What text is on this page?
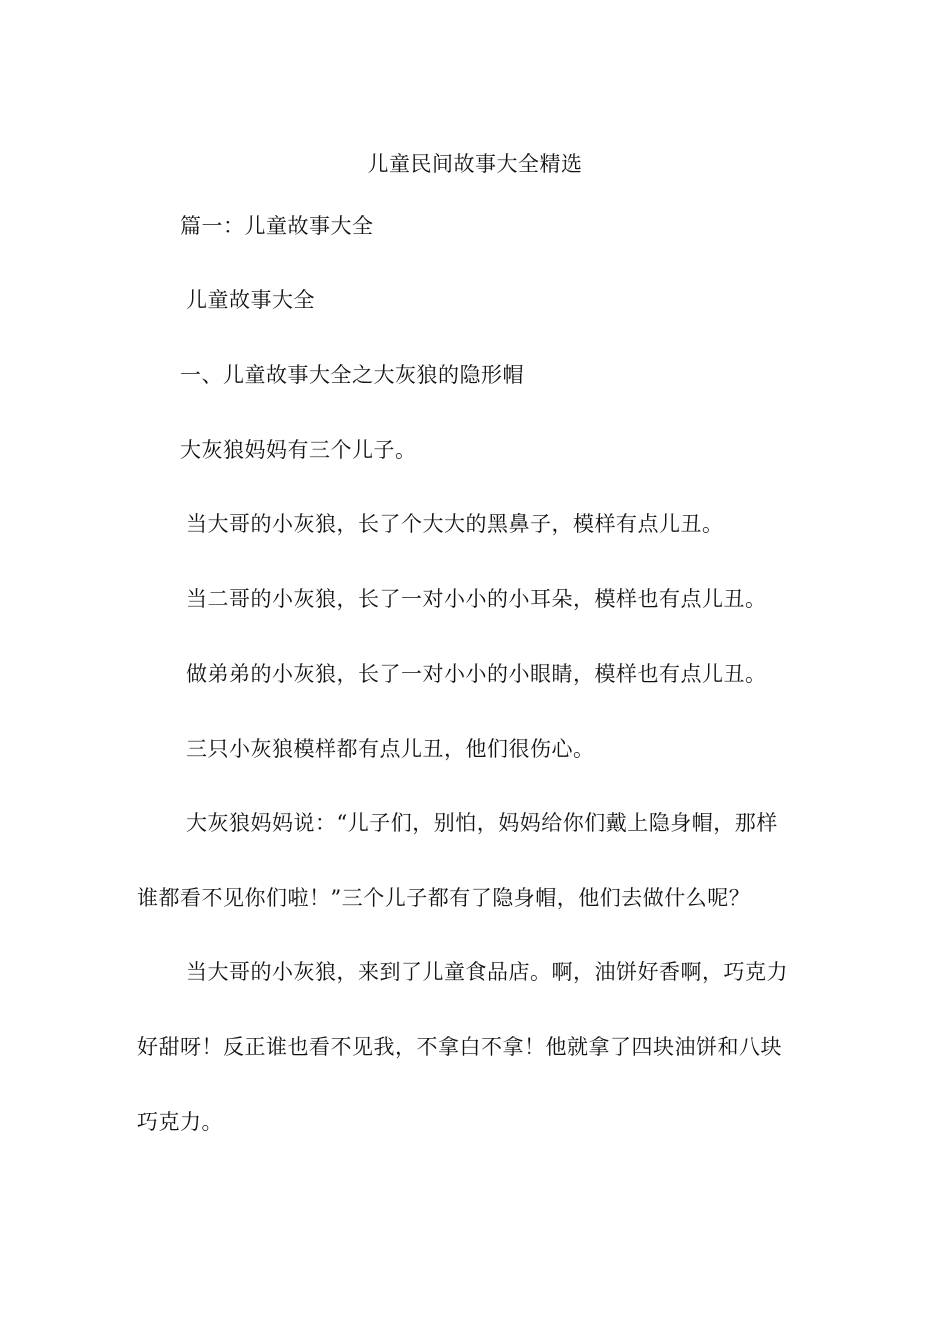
儿童民间故事大全精选
篇一：儿童故事大全
儿童故事大全
一、儿童故事大全之大灰狼的隐形帽
大灰狼妈妈有三个儿子。
当大哥的小灰狼，长了个大大的黑鼻子，模样有点儿丑。
当二哥的小灰狼，长了一对小小的小耳朵，模样也有点儿丑。
做弟弟的小灰狼，长了一对小小的小眼睛，模样也有点儿丑。
三只小灰狼模样都有点儿丑，他们很伤心。
大灰狼妈妈说：“儿子们，别怕，妈妈给你们戴上隐身帽，那样
谁都看不见你们啦！”三个儿子都有了隐身帽，他们去做什么呢？
当大哥的小灰狼，来到了儿童食品店。啊，油饼好香啊，巧克力
好甜呀！反正谁也看不见我，不拿白不拿！他就拿了四块油饼和八块
巧克力。
